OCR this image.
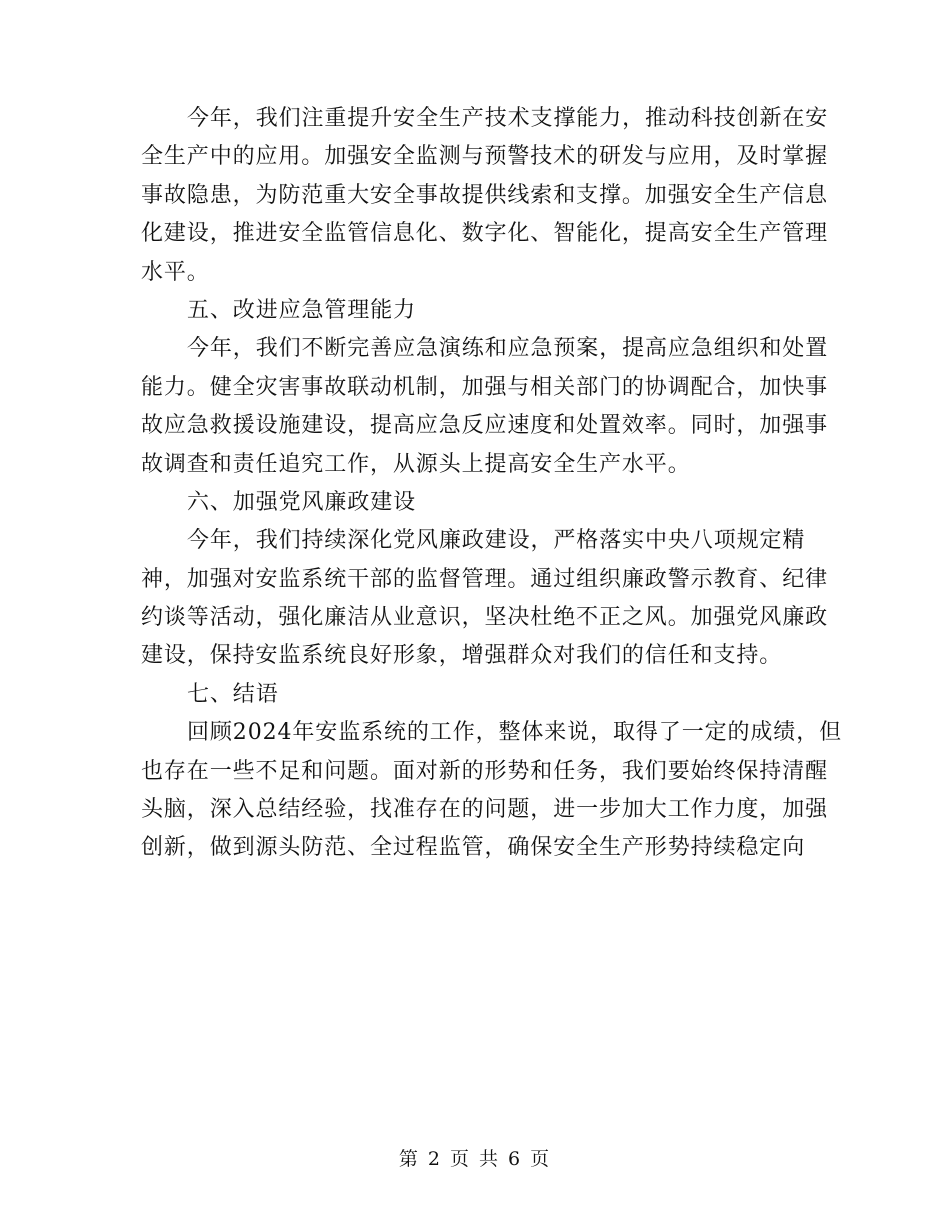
今年，我们注重提升安全生产技术支撑能力，推动科技创新在安
全生产中的应用。加强安全监测与预警技术的研发与应用，及时掌握
事故隐患，为防范重大安全事故提供线索和支撑。加强安全生产信息
化建设，推进安全监管信息化、数字化、智能化，提高安全生产管理
水平。
五、改进应急管理能力
今年，我们不断完善应急演练和应急预案，提高应急组织和处置
能力。健全灾害事故联动机制，加强与相关部门的协调配合，加快事
故应急救援设施建设，提高应急反应速度和处置效率。同时，加强事
故调查和责任追究工作，从源头上提高安全生产水平。
六、加强党风廉政建设
今年，我们持续深化党风廉政建设，严格落实中央八项规定精
神，加强对安监系统干部的监督管理。通过组织廉政警示教育、纪律
约谈等活动，强化廉洁从业意识，坚决杜绝不正之风。加强党风廉政
建设，保持安监系统良好形象，增强群众对我们的信任和支持。
七、结语
回顾2024年安监系统的工作，整体来说，取得了一定的成绩，但
也存在一些不足和问题。面对新的形势和任务，我们要始终保持清醒
头脑，深入总结经验，找准存在的问题，进一步加大工作力度，加强
创新，做到源头防范、全过程监管，确保安全生产形势持续稳定向
第 2 页 共 6 页
